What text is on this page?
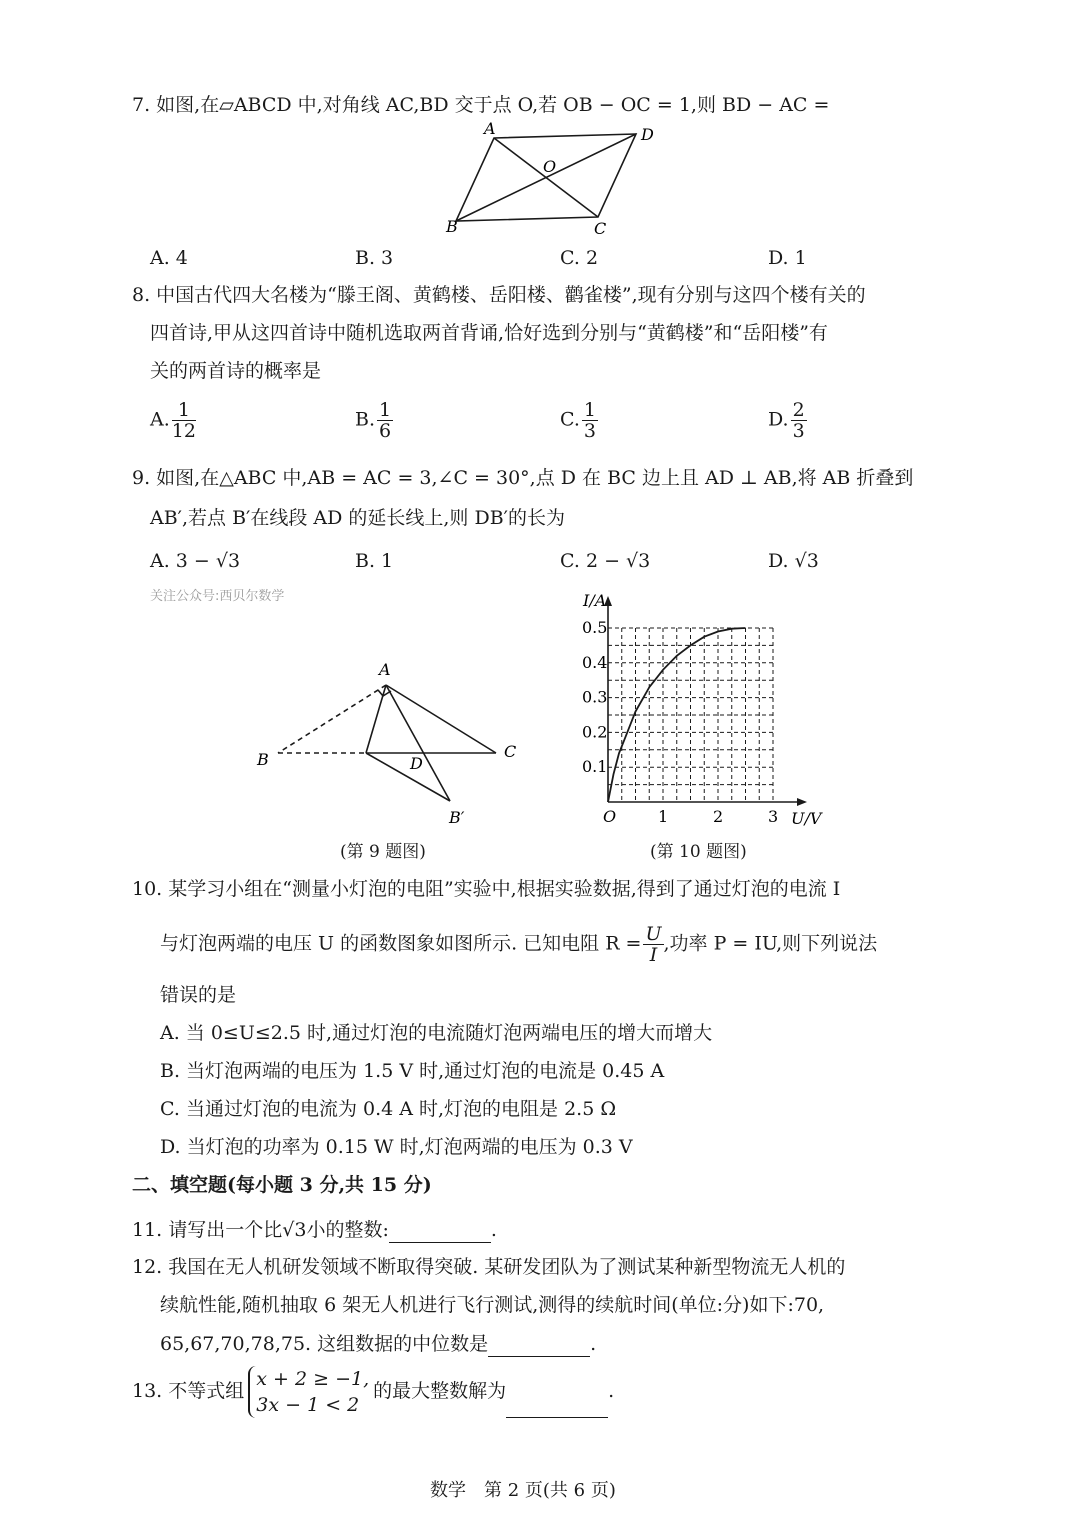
7. 如图,在▱ABCD 中,对角线 AC,BD 交于点 O,若 OB − OC = 1,则 BD − AC =
A	D
O
B	C
A. 4	B. 3	C. 2	D. 1
8. 中国古代四大名楼为“滕王阁、黄鹤楼、岳阳楼、鹳雀楼”,现有分别与这四个楼有关的
四首诗,甲从这四首诗中随机选取两首背诵,恰好选到分别与“黄鹤楼”和“岳阳楼”有
关的两首诗的概率是
A. $\frac{1}{12}$	B. $\frac{1}{6}$	C. $\frac{1}{3}$	D. $\frac{2}{3}$
9. 如图,在△ABC 中,AB = AC = 3,∠C = 30°,点 D 在 BC 边上且 AD ⊥ AB,将 AB 折叠到
AB′,若点 B′在线段 AD 的延长线上,则 DB′的长为
A. 3 − √3	B. 1	C. 2 − √3	D. √3
关注公众号:西贝尔数学
A
B	C
D
B′
(第 9 题图)
1	2	3
0.1
0.2
0.3
0.4
0.5
O	U/V
I/A
(第 10 题图)
10. 某学习小组在“测量小灯泡的电阻”实验中,根据实验数据,得到了通过灯泡的电流 I
与灯泡两端的电压 U 的函数图象如图所示. 已知电阻 $R = \frac{U}{I}$ ,功率 P = IU,则下列说法
错误的是
A. 当 0≤U≤2.5 时,通过灯泡的电流随灯泡两端电压的增大而增大
B. 当灯泡两端的电压为 1.5 V 时,通过灯泡的电流是 0.45 A
C. 当通过灯泡的电流为 0.4 A 时,灯泡的电阻是 2.5 Ω
D. 当灯泡的功率为 0.15 W 时,灯泡两端的电压为 0.3 V
二、填空题(每小题 3 分,共 15 分)
11. 请写出一个比√3小的整数:	.
12. 我国在无人机研发领域不断取得突破. 某研发团队为了测试某种新型物流无人机的
续航性能,随机抽取 6 架无人机进行飞行测试,测得的续航时间(单位:分)如下:70,
65,67,70,78,75. 这组数据的中位数是	.
13. 不等式组
x + 2 ≥ −1,
3x − 1 < 2
的最大整数解为	.
数学　第 2 页(共 6 页)
